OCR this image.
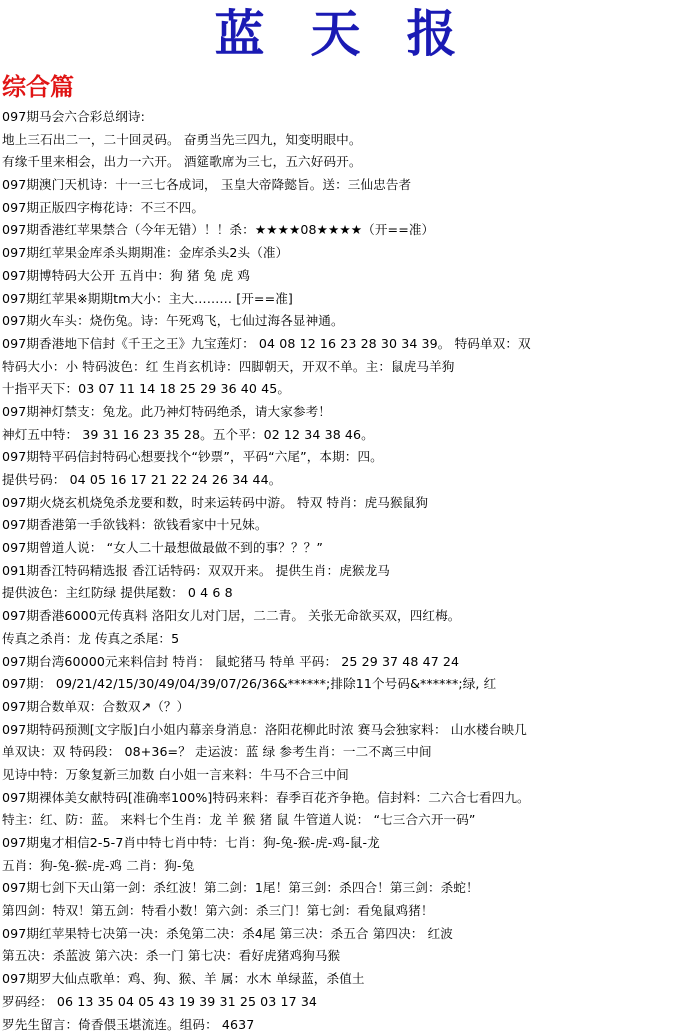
蓝天报
综合篇
097期马会六合彩总纲诗:
地上三石出二一，二十回灵码。 奋勇当先三四九，知变明眼中。
有缘千里来相会，出力一六开。 酒筵歌席为三七，五六好码开。
097期澳门天机诗：十一三七各成词， 玉皇大帝降懿旨。送：三仙忠告者
097期正版四字梅花诗：不三不四。
097期香港红苹果禁合（今年无错）！！杀：★★★★08★★★★（开==准）
097期红苹果金库杀头期期准：金库杀头2头（准）
097期博特码大公开 五肖中：狗 猪 兔 虎 鸡
097期红苹果※期期tm大小：主大……… [开==准]
097期火车头：烧伤兔。诗：午死鸡飞，七仙过海各显神通。
097期香港地下信封《千王之王》九宝莲灯： 04 08 12 16 23 28 30 34 39。 特码单双：双
特码大小：小 特码波色：红 生肖玄机诗：四脚朝天，开双不单。主：鼠虎马羊狗
十指平天下：03 07 11 14 18 25 29 36 40 45。
097期神灯禁支：兔龙。此乃神灯特码绝杀，请大家参考！
神灯五中特： 39 31 16 23 35 28。五个平：02 12 34 38 46。
097期特平码信封特码心想要找个“钞票”，平码“六尾”，本期：四。
提供号码： 04 05 16 17 21 22 24 26 34 44。
097期火烧玄机烧兔杀龙要和数，时来运转码中游。 特双 特肖：虎马猴鼠狗
097期香港第一手欲钱料：欲钱看家中十兄妹。
097期曾道人说： “女人二十最想做最做不到的事？？？”
091期香江特码精选报 香江话特码：双双开来。 提供生肖：虎猴龙马
提供波色：主红防绿 提供尾数： 0 4 6 8
097期香港6000元传真料 洛阳女儿对门居，二二青。 关张无命欲买双，四红梅。
传真之杀肖：龙 传真之杀尾：5
097期台湾60000元来料信封 特肖： 鼠蛇猪马 特单 平码： 25 29 37 48 47 24
097期： 09/21/42/15/30/49/04/39/07/26/36&******;排除11个号码&******;绿, 红
097期合数单双：合数双↗（？）
097期特码预测[文字版]白小姐内幕亲身消息：洛阳花柳此时浓 赛马会独家料： 山水楼台映几
单双诀：双 特码段： 08+36=？ 走运波：蓝 绿 参考生肖：一二不离三中间
见诗中特：万象复新三加数 白小姐一言来料：牛马不合三中间
097期裸体美女献特码[准确率100%]特码来料：春季百花齐争艳。信封料：二六合七看四九。
特主：红、防：蓝。 来料七个生肖：龙 羊 猴 猪 鼠 牛管道人说： “七三合六开一码”
097期鬼才相信2-5-7肖中特七肖中特：七肖：狗-兔-猴-虎-鸡-鼠-龙
五肖：狗-兔-猴-虎-鸡 二肖：狗-兔
097期七剑下天山第一剑：杀红波！第二剑：1尾！第三剑：杀四合！第三剑：杀蛇！
第四剑：特双！第五剑：特看小数！第六剑：杀三门！第七剑：看兔鼠鸡猪！
097期红苹果特七决第一决：杀兔第二决：杀4尾 第三决：杀五合 第四决： 红波
第五决：杀蓝波 第六决：杀一门 第七决：看好虎猪鸡狗马猴
097期罗大仙点歌单：鸡、狗、猴、羊 属：水木 单绿蓝，杀值土
罗码经： 06 13 35 04 05 43 19 39 31 25 03 17 34
罗先生留言：倚香偎玉堪流连。组码： 4637
